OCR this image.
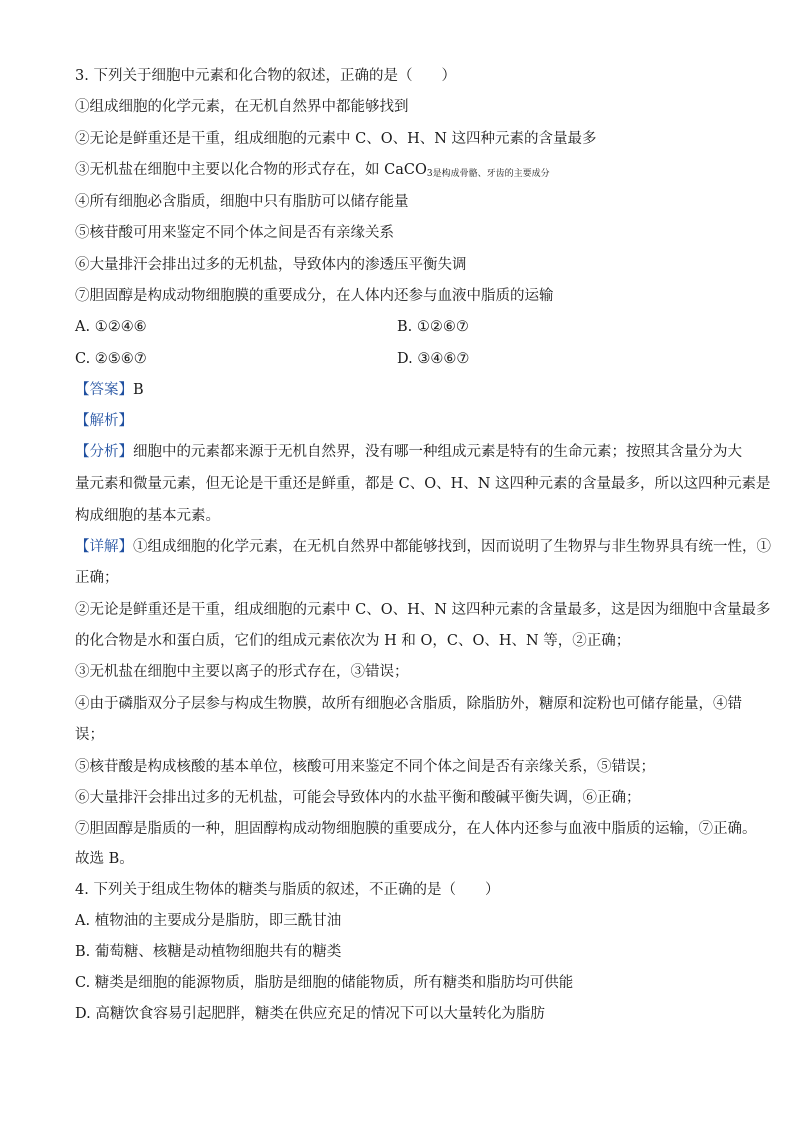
3. 下列关于细胞中元素和化合物的叙述，正确的是（　　）
①组成细胞的化学元素，在无机自然界中都能够找到
②无论是鲜重还是干重，组成细胞的元素中 C、O、H、N 这四种元素的含量最多
③无机盐在细胞中主要以化合物的形式存在，如 CaCO$_{3是构成骨骼、牙齿的主要成分}$
④所有细胞必含脂质，细胞中只有脂肪可以储存能量
⑤核苷酸可用来鉴定不同个体之间是否有亲缘关系
⑥大量排汗会排出过多的无机盐，导致体内的渗透压平衡失调
⑦胆固醇是构成动物细胞膜的重要成分，在人体内还参与血液中脂质的运输
A. ①②④⑥	B. ①②⑥⑦
C. ②⑤⑥⑦	D. ③④⑥⑦
【答案】B
【解析】
【分析】细胞中的元素都来源于无机自然界，没有哪一种组成元素是特有的生命元素；按照其含量分为大
量元素和微量元素，但无论是干重还是鲜重，都是 C、O、H、N 这四种元素的含量最多，所以这四种元素是
构成细胞的基本元素。
【详解】①组成细胞的化学元素，在无机自然界中都能够找到，因而说明了生物界与非生物界具有统一性，①
正确；
②无论是鲜重还是干重，组成细胞的元素中 C、O、H、N 这四种元素的含量最多，这是因为细胞中含量最多
的化合物是水和蛋白质，它们的组成元素依次为 H 和 O，C、O、H、N 等，②正确；
③无机盐在细胞中主要以离子的形式存在，③错误；
④由于磷脂双分子层参与构成生物膜，故所有细胞必含脂质，除脂肪外，糖原和淀粉也可储存能量，④错
误；
⑤核苷酸是构成核酸的基本单位，核酸可用来鉴定不同个体之间是否有亲缘关系，⑤错误；
⑥大量排汗会排出过多的无机盐，可能会导致体内的水盐平衡和酸碱平衡失调，⑥正确；
⑦胆固醇是脂质的一种，胆固醇构成动物细胞膜的重要成分，在人体内还参与血液中脂质的运输，⑦正确。
故选 B。
4. 下列关于组成生物体的糖类与脂质的叙述，不正确的是（　　）
A. 植物油的主要成分是脂肪，即三酰甘油
B. 葡萄糖、核糖是动植物细胞共有的糖类
C. 糖类是细胞的能源物质，脂肪是细胞的储能物质，所有糖类和脂肪均可供能
D. 高糖饮食容易引起肥胖，糖类在供应充足的情况下可以大量转化为脂肪
